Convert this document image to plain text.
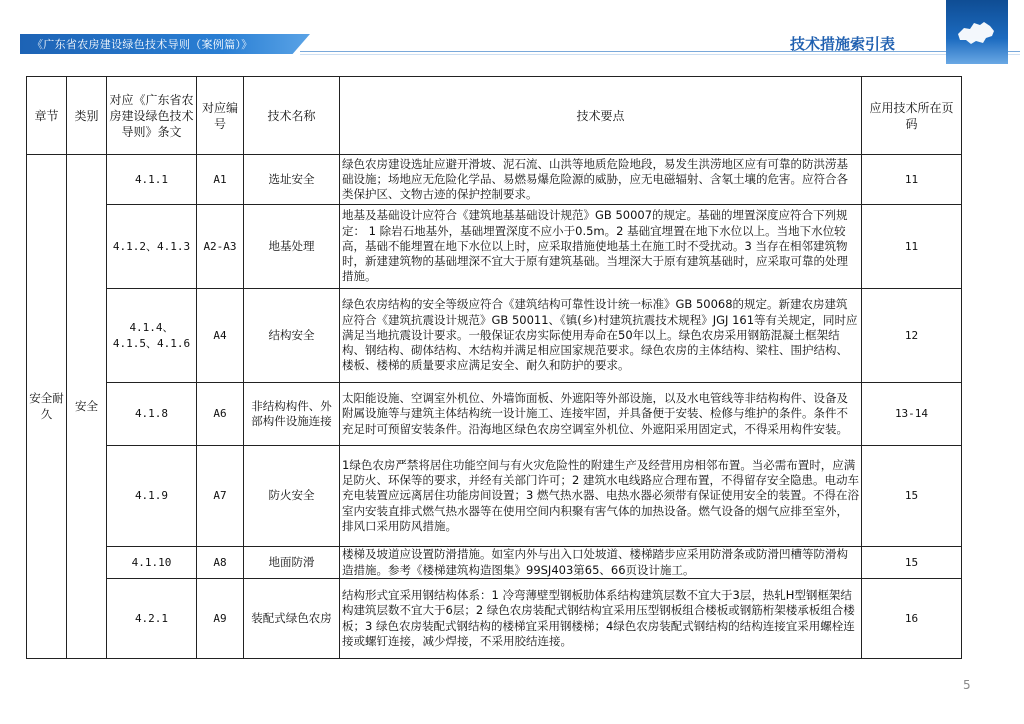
《广东省农房建设绿色技术导则（案例篇）》	技术措施索引表
章节	类别	对应《广东省农房建设绿色技术导则》条文	对应编号	技术名称	技术要点	应用技术所在页码
安全耐久	安全	4.1.1	A1	选址安全	绿色农房建设选址应避开滑坡、泥石流、山洪等地质危险地段，易发生洪涝地区应有可靠的防洪涝基础设施；场地应无危险化学品、易燃易爆危险源的威胁，应无电磁辐射、含氡土壤的危害。应符合各类保护区、文物古迹的保护控制要求。	11
		4.1.2、4.1.3	A2-A3	地基处理	地基及基础设计应符合《建筑地基基础设计规范》GB 50007的规定。基础的埋置深度应符合下列规定： 1 除岩石地基外，基础埋置深度不应小于0.5m。2 基础宜埋置在地下水位以上。当地下水位较高，基础不能埋置在地下水位以上时，应采取措施使地基土在施工时不受扰动。3 当存在相邻建筑物时，新建建筑物的基础埋深不宜大于原有建筑基础。当埋深大于原有建筑基础时，应采取可靠的处理措施。	11
		4.1.4、4.1.5、4.1.6	A4	结构安全	绿色农房结构的安全等级应符合《建筑结构可靠性设计统一标准》GB 50068的规定。新建农房建筑应符合《建筑抗震设计规范》GB 50011、《镇(乡)村建筑抗震技术规程》JGJ 161等有关规定，同时应满足当地抗震设计要求。一般保证农房实际使用寿命在50年以上。绿色农房采用钢筋混凝土框架结构、钢结构、砌体结构、木结构并满足相应国家规范要求。绿色农房的主体结构、梁柱、围护结构、楼板、楼梯的质量要求应满足安全、耐久和防护的要求。	12
		4.1.8	A6	非结构构件、外部构件设施连接	太阳能设施、空调室外机位、外墙饰面板、外遮阳等外部设施，以及水电管线等非结构构件、设备及附属设施等与建筑主体结构统一设计施工、连接牢固，并具备便于安装、检修与维护的条件。条件不充足时可预留安装条件。沿海地区绿色农房空调室外机位、外遮阳采用固定式，不得采用构件安装。	13-14
		4.1.9	A7	防火安全	1绿色农房严禁将居住功能空间与有火灾危险性的附建生产及经营用房相邻布置。当必需布置时，应满足防火、环保等的要求，并经有关部门许可；2 建筑水电线路应合理布置，不得留存安全隐患。电动车充电装置应远离居住功能房间设置；3 燃气热水器、电热水器必须带有保证使用安全的装置。不得在浴室内安装直排式燃气热水器等在使用空间内积聚有害气体的加热设备。燃气设备的烟气应排至室外，排风口采用防风措施。	15
		4.1.10	A8	地面防滑	楼梯及坡道应设置防滑措施。如室内外与出入口处坡道、楼梯踏步应采用防滑条或防滑凹槽等防滑构造措施。参考《楼梯建筑构造图集》99SJ403第65、66页设计施工。	15
		4.2.1	A9	装配式绿色农房	结构形式宜采用钢结构体系：1 冷弯薄壁型钢板肋体系结构建筑层数不宜大于3层，热轧H型钢框架结构建筑层数不宜大于6层；2 绿色农房装配式钢结构宜采用压型钢板组合楼板或钢筋桁架楼承板组合楼板；3 绿色农房装配式钢结构的楼梯宜采用钢楼梯；4绿色农房装配式钢结构的结构连接宜采用螺栓连接或螺钉连接，减少焊接，不采用胶结连接。	16
5
